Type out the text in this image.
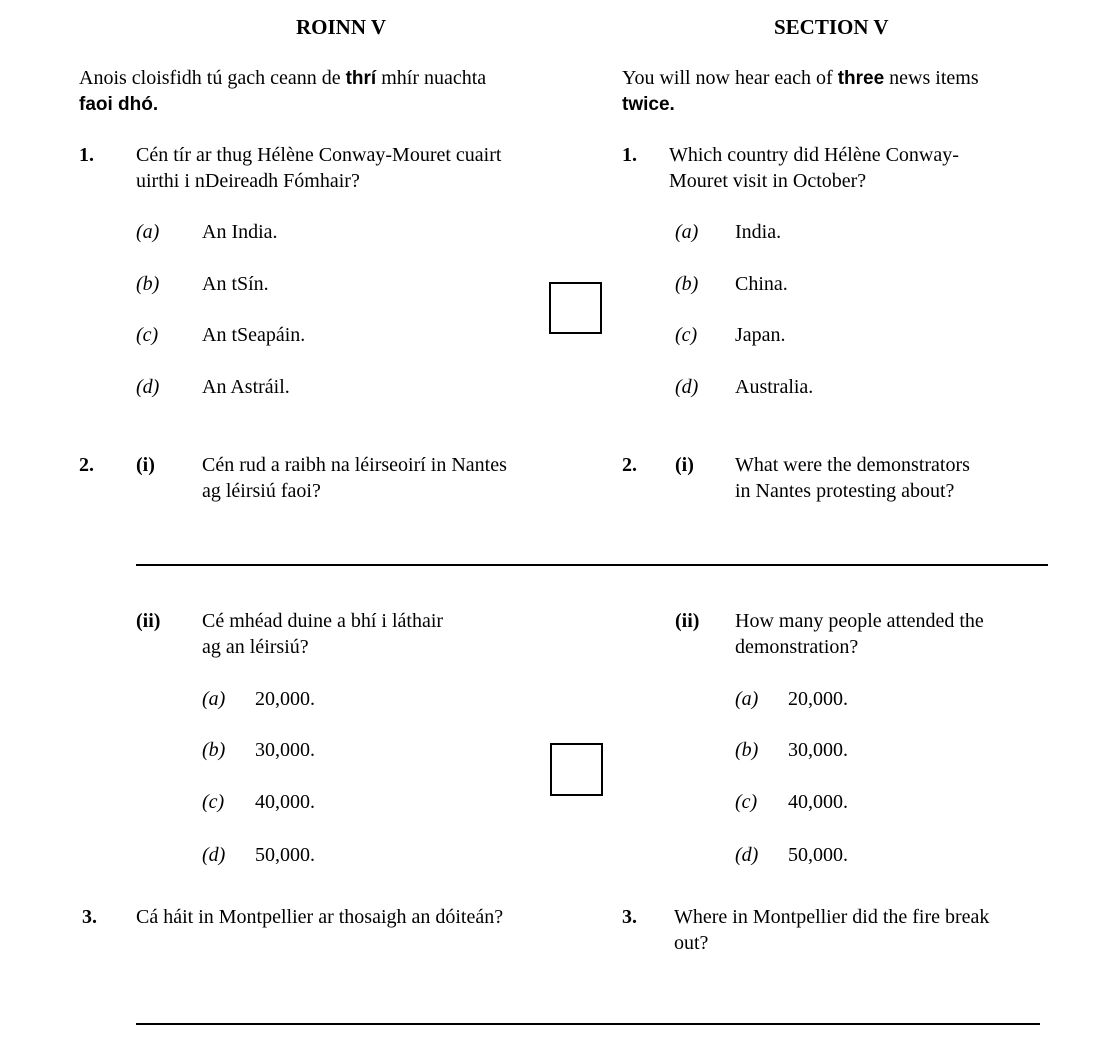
ROINN V	SECTION V
Anois cloisfidh tú gach ceann de thrí mhír nuachta
faoi dhó.
You will now hear each of three news items
twice.
1. Cén tír ar thug Hélène Conway-Mouret cuairt
uirthi i nDeireadh Fómhair?
(a) An India.
(b) An tSín.
(c) An tSeapáin.
(d) An Astráil.
1. Which country did Hélène Conway-
Mouret visit in October?
(a) India.
(b) China.
(c) Japan.
(d) Australia.
2. (i) Cén rud a raibh na léirseoirí in Nantes
ag léirsiú faoi?
2. (i) What were the demonstrators
in Nantes protesting about?
(ii) Cé mhéad duine a bhí i láthair
ag an léirsiú?
(a) 20,000.
(b) 30,000.
(c) 40,000.
(d) 50,000.
(ii) How many people attended the
demonstration?
(a) 20,000.
(b) 30,000.
(c) 40,000.
(d) 50,000.
3. Cá háit in Montpellier ar thosaigh an dóiteán?	3. Where in Montpellier did the fire break
out?
